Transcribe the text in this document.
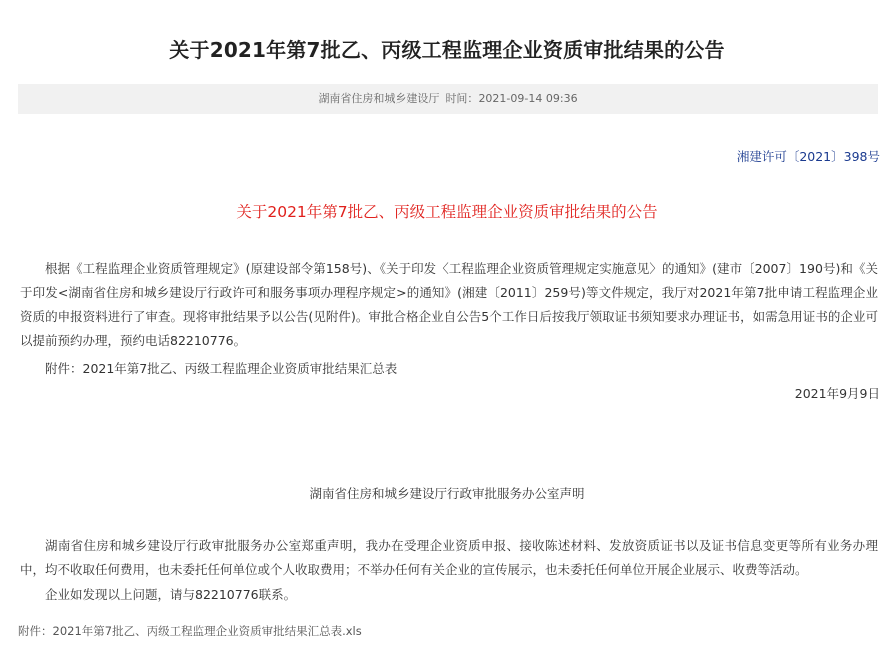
关于2021年第7批乙、丙级工程监理企业资质审批结果的公告
湖南省住房和城乡建设厅 时间：2021-09-14 09:36
湘建许可〔2021〕398号
关于2021年第7批乙、丙级工程监理企业资质审批结果的公告
根据《工程监理企业资质管理规定》(原建设部令第158号)、《关于印发〈工程监理企业资质管理规定实施意见〉的通知》(建市〔2007〕190号)和《关于印发<湖南省住房和城乡建设厅行政许可和服务事项办理程序规定>的通知》(湘建〔2011〕259号)等文件规定，我厅对2021年第7批申请工程监理企业资质的申报资料进行了审查。现将审批结果予以公告(见附件)。审批合格企业自公告5个工作日后按我厅领取证书须知要求办理证书，如需急用证书的企业可以提前预约办理，预约电话82210776。
附件：2021年第7批乙、丙级工程监理企业资质审批结果汇总表
2021年9月9日
湖南省住房和城乡建设厅行政审批服务办公室声明
湖南省住房和城乡建设厅行政审批服务办公室郑重声明，我办在受理企业资质申报、接收陈述材料、发放资质证书以及证书信息变更等所有业务办理中，均不收取任何费用，也未委托任何单位或个人收取费用；不举办任何有关企业的宣传展示，也未委托任何单位开展企业展示、收费等活动。
企业如发现以上问题，请与82210776联系。
附件：2021年第7批乙、丙级工程监理企业资质审批结果汇总表.xls
